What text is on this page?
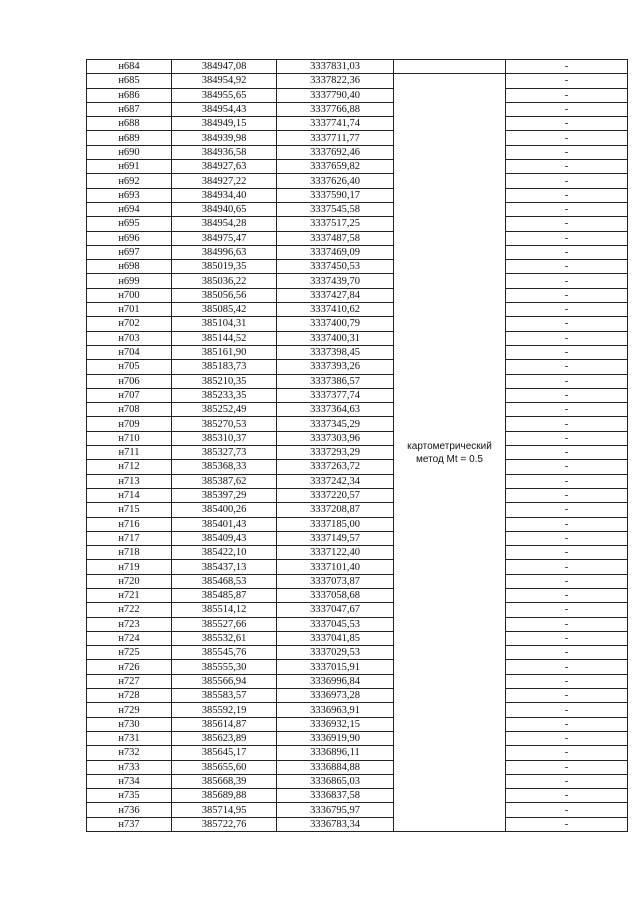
н684	384947,08	3337831,03		-
н685	384954,92	3337822,36	картометрический метод Mt = 0.5	-
н686	384955,65	3337790,40		-
н687	384954,43	3337766,88		-
н688	384949,15	3337741,74		-
н689	384939,98	3337711,77		-
н690	384936,58	3337692,46		-
н691	384927,63	3337659,82		-
н692	384927,22	3337626,40		-
н693	384934,40	3337590,17		-
н694	384940,65	3337545,58		-
н695	384954,28	3337517,25		-
н696	384975,47	3337487,58		-
н697	384996,63	3337469,09		-
н698	385019,35	3337450,53		-
н699	385036,22	3337439,70		-
н700	385056,56	3337427,84		-
н701	385085,42	3337410,62		-
н702	385104,31	3337400,79		-
н703	385144,52	3337400,31		-
н704	385161,90	3337398,45		-
н705	385183,73	3337393,26		-
н706	385210,35	3337386,57		-
н707	385233,35	3337377,74		-
н708	385252,49	3337364,63		-
н709	385270,53	3337345,29		-
н710	385310,37	3337303,96		-
н711	385327,73	3337293,29		-
н712	385368,33	3337263,72		-
н713	385387,62	3337242,34		-
н714	385397,29	3337220,57		-
н715	385400,26	3337208,87		-
н716	385401,43	3337185,00		-
н717	385409,43	3337149,57		-
н718	385422,10	3337122,40		-
н719	385437,13	3337101,40		-
н720	385468,53	3337073,87		-
н721	385485,87	3337058,68		-
н722	385514,12	3337047,67		-
н723	385527,66	3337045,53		-
н724	385532,61	3337041,85		-
н725	385545,76	3337029,53		-
н726	385555,30	3337015,91		-
н727	385566,94	3336996,84		-
н728	385583,57	3336973,28		-
н729	385592,19	3336963,91		-
н730	385614,87	3336932,15		-
н731	385623,89	3336919,90		-
н732	385645,17	3336896,11		-
н733	385655,60	3336884,88		-
н734	385668,39	3336865,03		-
н735	385689,88	3336837,58		-
н736	385714,95	3336795,97		-
н737	385722,76	3336783,34		-
